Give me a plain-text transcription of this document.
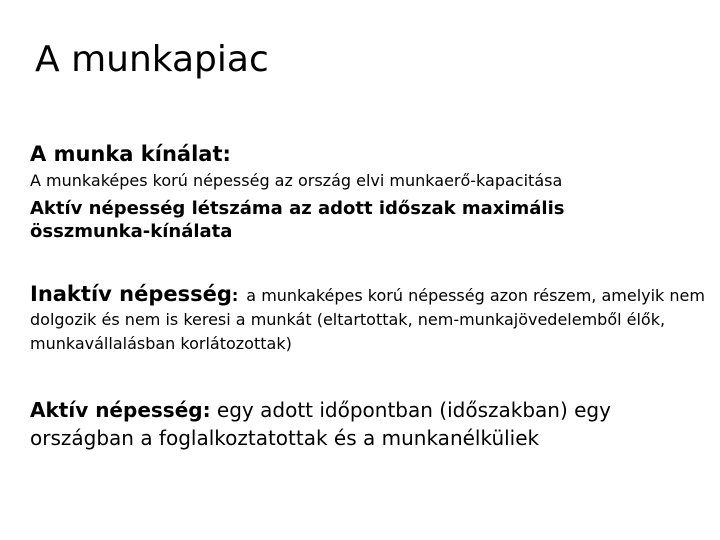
A munkapiac
A munka kínálat:
A munkaképes korú népesség az ország elvi munkaerő-kapacitása
Aktív népesség létszáma az adott időszak maximális összmunka-kínálata
Inaktív népesség: a munkaképes korú népesség azon részem, amelyik nem dolgozik és nem is keresi a munkát (eltartottak, nem-munkajövedelemből élők, munkavállalásban korlátozottak)
Aktív népesség: egy adott időpontban (időszakban) egy országban a foglalkoztatottak és a munkanélküliek
